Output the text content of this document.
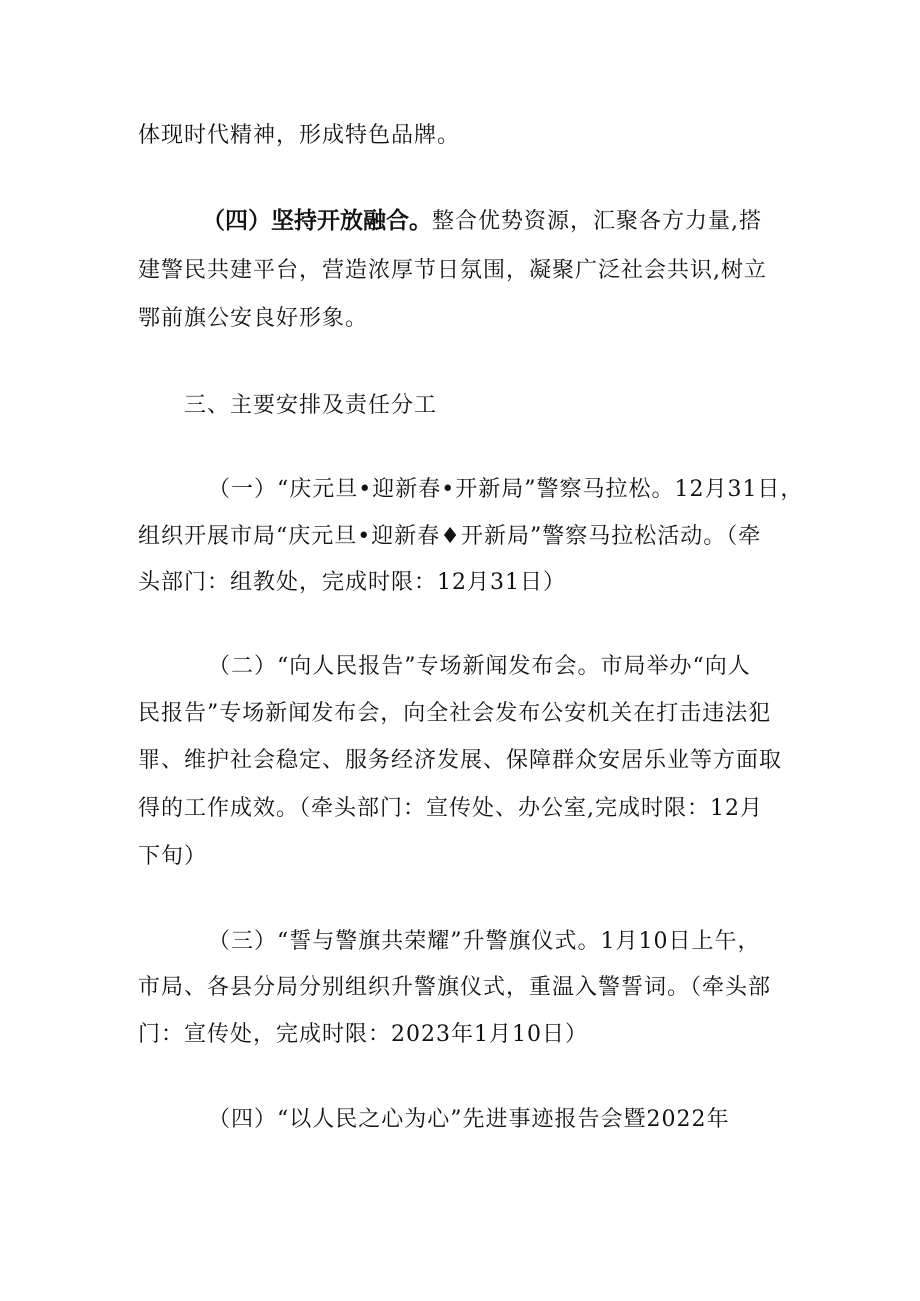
体现时代精神，形成特色品牌。
（四）坚持开放融合。整合优势资源，汇聚各方力量,搭
建警民共建平台，营造浓厚节日氛围，凝聚广泛社会共识,树立
鄂前旗公安良好形象。
三、主要安排及责任分工
（一）“庆元旦•迎新春•开新局”警察马拉松。12月31日，
组织开展市局“庆元旦•迎新春♦开新局”警察马拉松活动。（牵
头部门：组教处，完成时限：12月31日）
（二）“向人民报告”专场新闻发布会。市局举办“向人
民报告”专场新闻发布会，向全社会发布公安机关在打击违法犯
罪、维护社会稳定、服务经济发展、保障群众安居乐业等方面取
得的工作成效。（牵头部门：宣传处、办公室,完成时限：12月
下旬）
（三）“誓与警旗共荣耀”升警旗仪式。1月10日上午，
市局、各县分局分别组织升警旗仪式，重温入警誓词。（牵头部
门：宣传处，完成时限：2023年1月10日）
（四）“以人民之心为心”先进事迹报告会暨2022年
